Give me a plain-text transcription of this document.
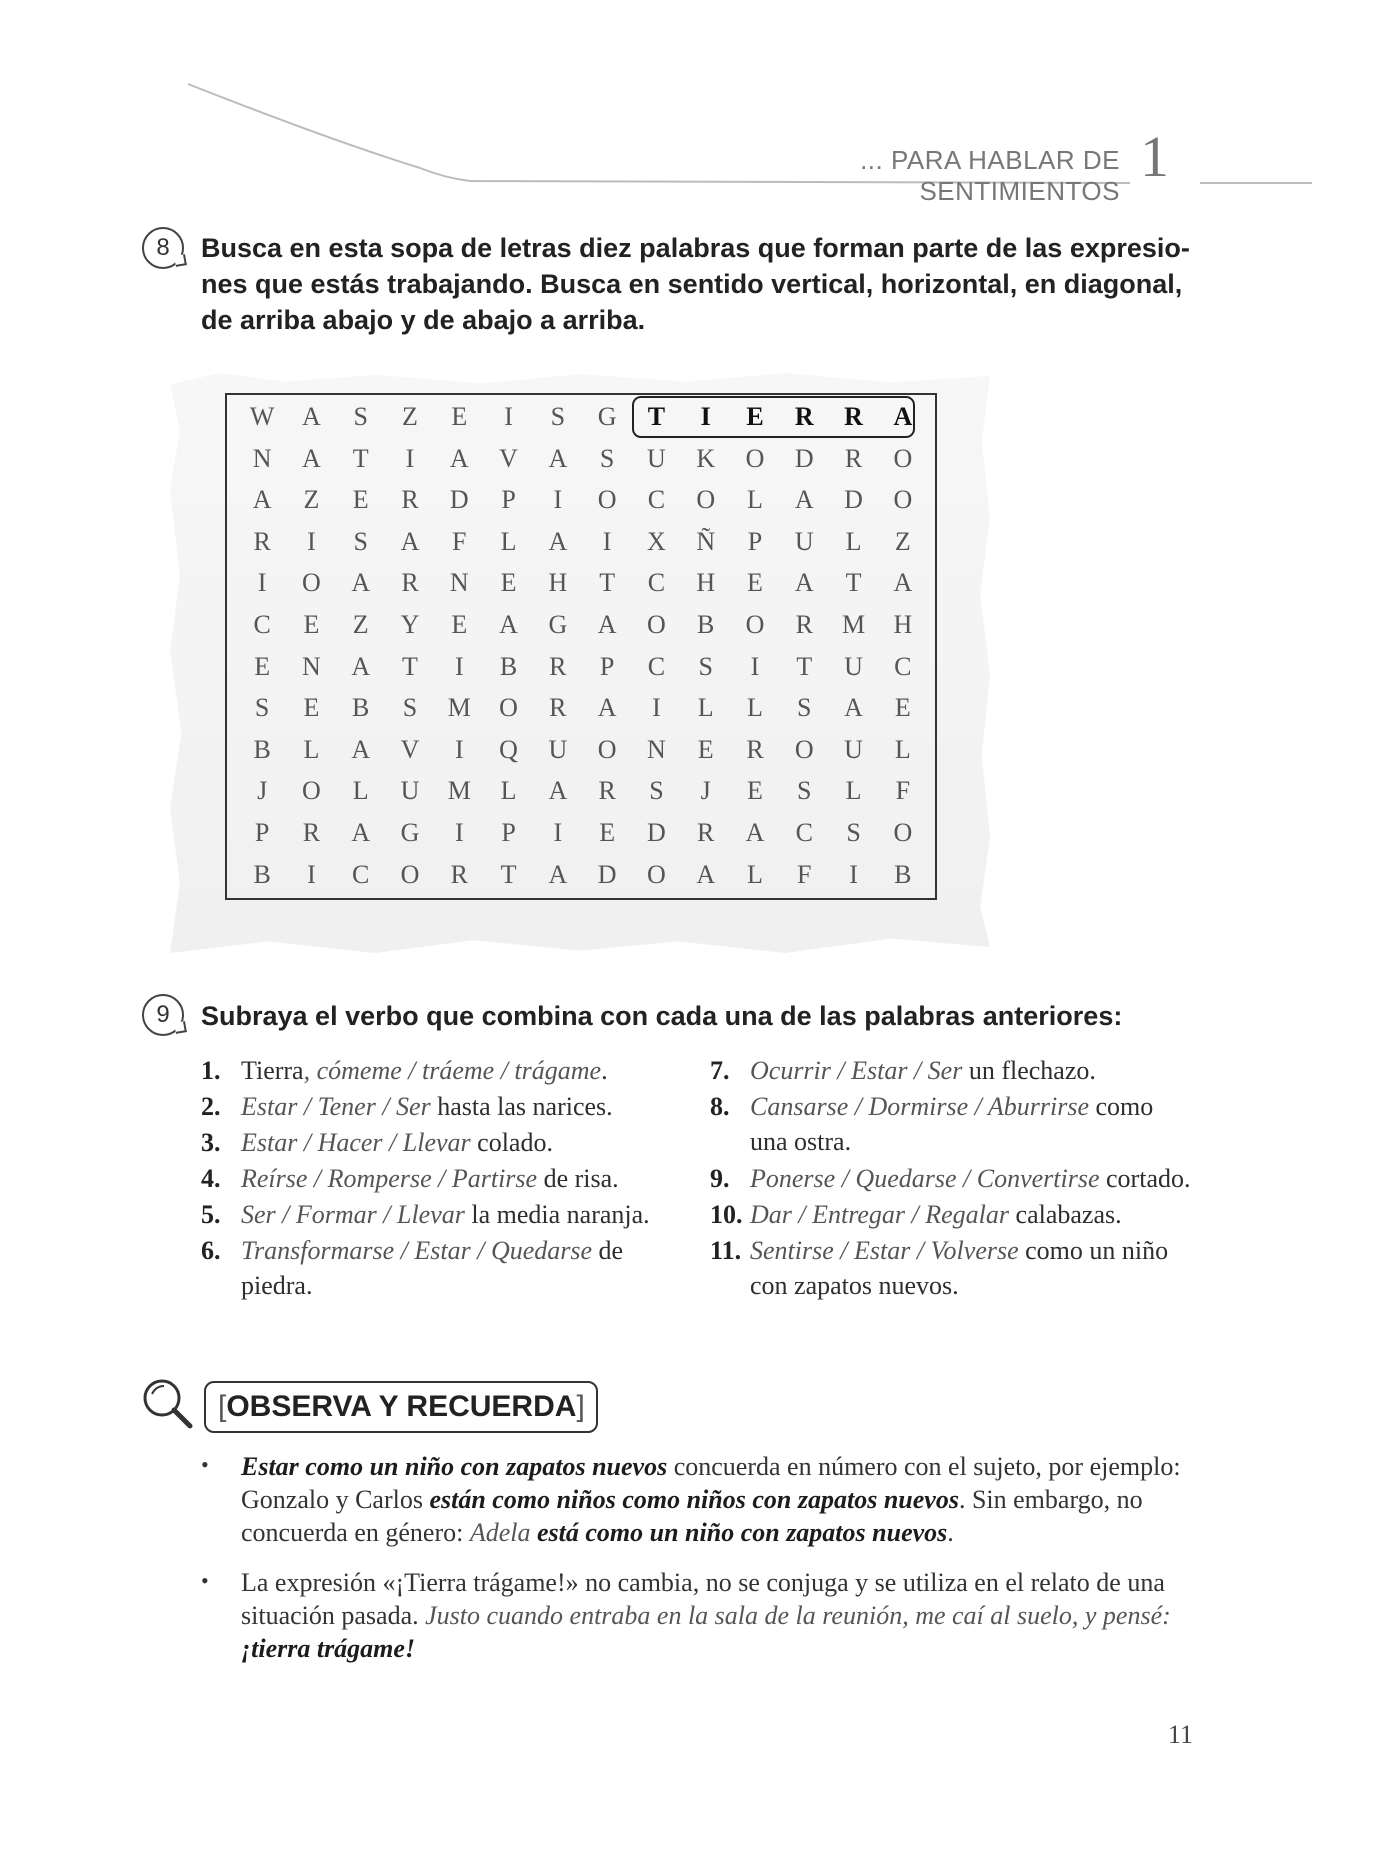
... PARA HABLAR DE SENTIMIENTOS
1
8	Busca en esta sopa de letras diez palabras que forman parte de las expresio-
nes que estás trabajando. Busca en sentido vertical, horizontal, en diagonal,
de arriba abajo y de abajo a arriba.
W	A	S	Z	E	I	S	G	T	I	E	R	R	A
N	A	T	I	A	V	A	S	U	K	O	D	R	O
A	Z	E	R	D	P	I	O	C	O	L	A	D	O
R	I	S	A	F	L	A	I	X	Ñ	P	U	L	Z
I	O	A	R	N	E	H	T	C	H	E	A	T	A
C	E	Z	Y	E	A	G	A	O	B	O	R	M	H
E	N	A	T	I	B	R	P	C	S	I	T	U	C
S	E	B	S	M	O	R	A	I	L	L	S	A	E
B	L	A	V	I	Q	U	O	N	E	R	O	U	L
J	O	L	U	M	L	A	R	S	J	E	S	L	F
P	R	A	G	I	P	I	E	D	R	A	C	S	O
B	I	C	O	R	T	A	D	O	A	L	F	I	B
9	Subraya el verbo que combina con cada una de las palabras anteriores:
1. Tierra, cómeme / tráeme / trágame.
2. Estar / Tener / Ser hasta las narices.
3. Estar / Hacer / Llevar colado.
4. Reírse / Romperse / Partirse de risa.
5. Ser / Formar / Llevar la media naranja.
6. Transformarse / Estar / Quedarse de piedra.
7. Ocurrir / Estar / Ser un flechazo.
8. Cansarse / Dormirse / Aburrirse como una ostra.
9. Ponerse / Quedarse / Convertirse cortado.
10. Dar / Entregar / Regalar calabazas.
11. Sentirse / Estar / Volverse como un niño con zapatos nuevos.
[OBSERVA Y RECUERDA]
• Estar como un niño con zapatos nuevos concuerda en número con el sujeto, por ejemplo: Gonzalo y Carlos están como niños como niños con zapatos nuevos. Sin embargo, no concuerda en género: Adela está como un niño con zapatos nuevos.
• La expresión «¡Tierra trágame!» no cambia, no se conjuga y se utiliza en el relato de una situación pasada. Justo cuando entraba en la sala de la reunión, me caí al suelo, y pensé: ¡tierra trágame!
11
